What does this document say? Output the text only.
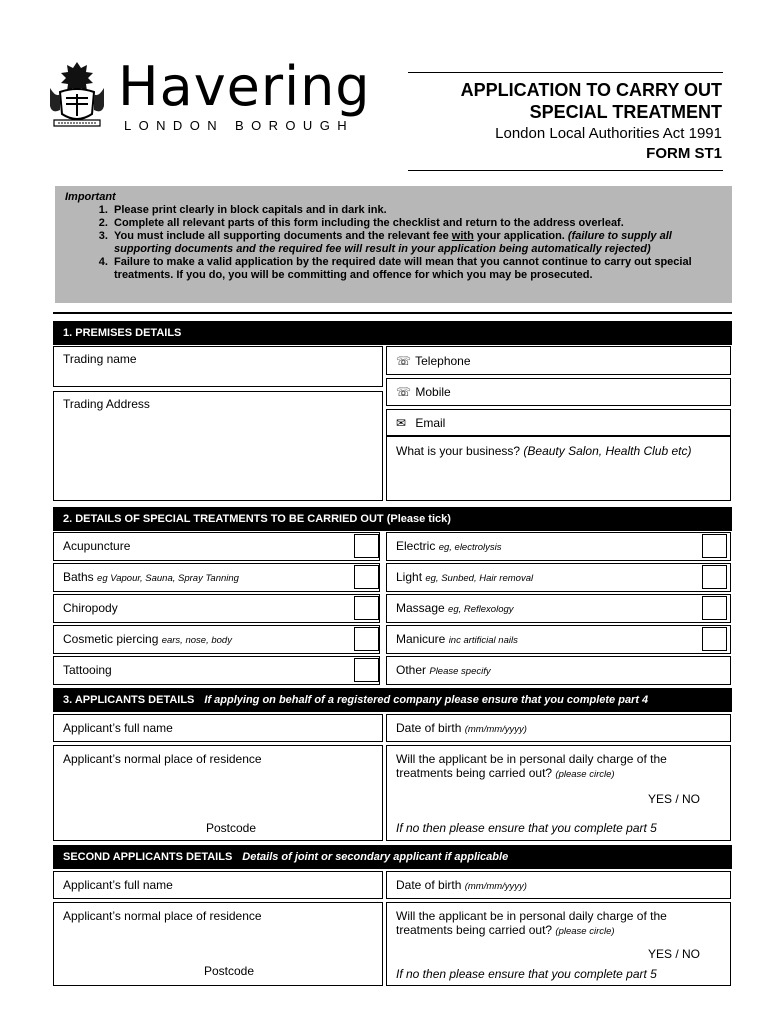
Havering
LONDON BOROUGH
APPLICATION TO CARRY OUT
SPECIAL TREATMENT
London Local Authorities Act 1991
FORM ST1
Important
1. Please print clearly in block capitals and in dark ink.
2. Complete all relevant parts of this form including the checklist and return to the address overleaf.
3. You must include all supporting documents and the relevant fee with your application. (failure to supply all supporting documents and the required fee will result in your application being automatically rejected)
4. Failure to make a valid application by the required date will mean that you cannot continue to carry out special treatments. If you do, you will be committing and offence for which you may be prosecuted.
1. PREMISES DETAILS
Trading name
Trading Address
☏ Telephone
☏ Mobile
✉ Email
What is your business? (Beauty Salon, Health Club etc)
2. DETAILS OF SPECIAL TREATMENTS TO BE CARRIED OUT (Please tick)
Acupuncture
Baths eg Vapour, Sauna, Spray Tanning
Chiropody
Cosmetic piercing ears, nose, body
Tattooing
Electric eg, electrolysis
Light eg, Sunbed, Hair removal
Massage eg, Reflexology
Manicure inc artificial nails
Other Please specify
3. APPLICANTS DETAILS If applying on behalf of a registered company please ensure that you complete part 4
Applicant’s full name	Date of birth (mm/mm/yyyy)
Applicant’s normal place of residence
Postcode
Will the applicant be in personal daily charge of the treatments being carried out? (please circle)
YES / NO
If no then please ensure that you complete part 5
SECOND APPLICANTS DETAILS Details of joint or secondary applicant if applicable
Applicant’s full name	Date of birth (mm/mm/yyyy)
Applicant’s normal place of residence
Postcode
Will the applicant be in personal daily charge of the treatments being carried out? (please circle)
YES / NO
If no then please ensure that you complete part 5
